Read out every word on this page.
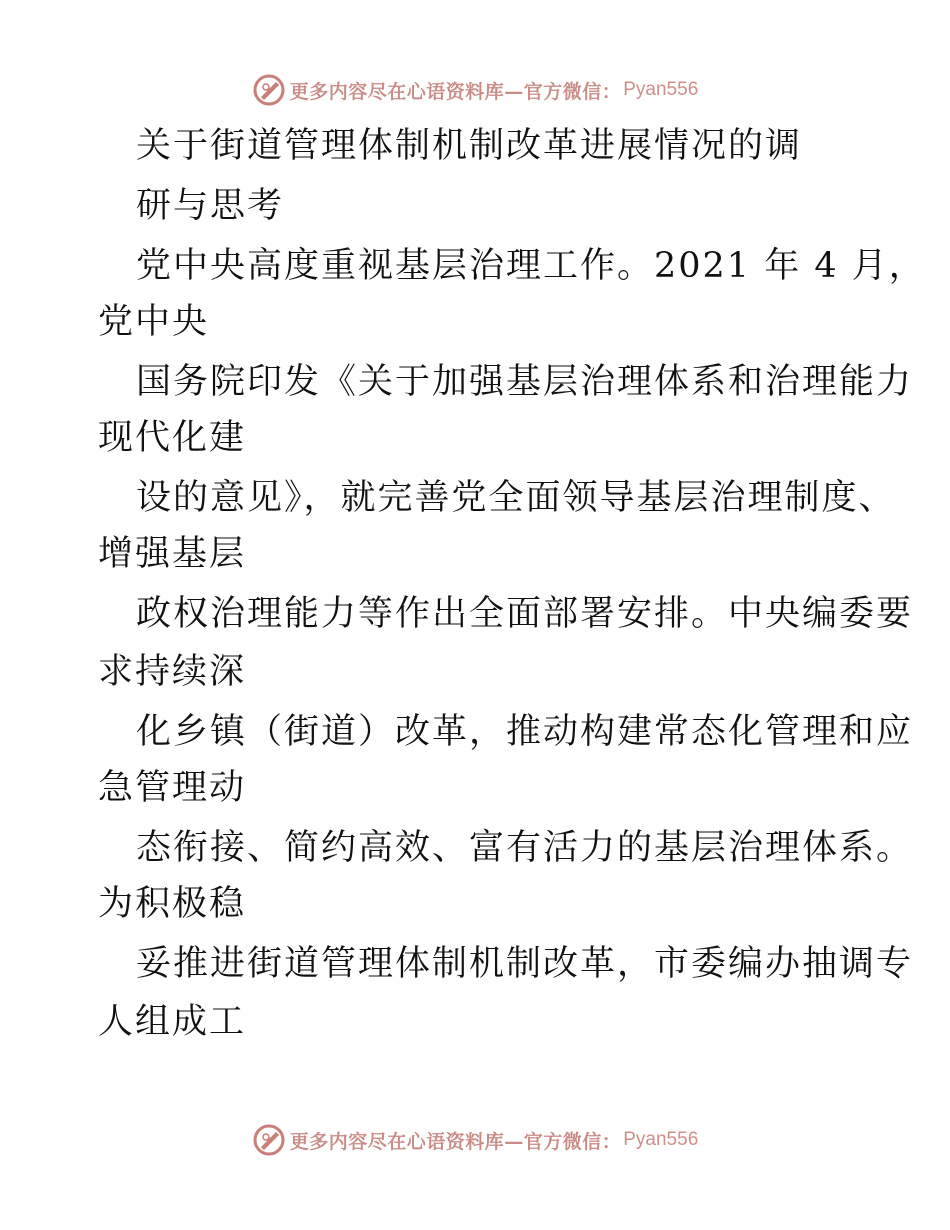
更多内容尽在心语资料库—官方微信： Pyan556
关于街道管理体制机制改革进展情况的调
研与思考
党中央高度重视基层治理工作。2021 年 4 月，
党中央
国务院印发《关于加强基层治理体系和治理能力
现代化建
设的意见》，就完善党全面领导基层治理制度、
增强基层
政权治理能力等作出全面部署安排。中央编委要
求持续深
化乡镇（街道）改革，推动构建常态化管理和应
急管理动
态衔接、简约高效、富有活力的基层治理体系。
为积极稳
妥推进街道管理体制机制改革，市委编办抽调专
人组成工
更多内容尽在心语资料库—官方微信： Pyan556
